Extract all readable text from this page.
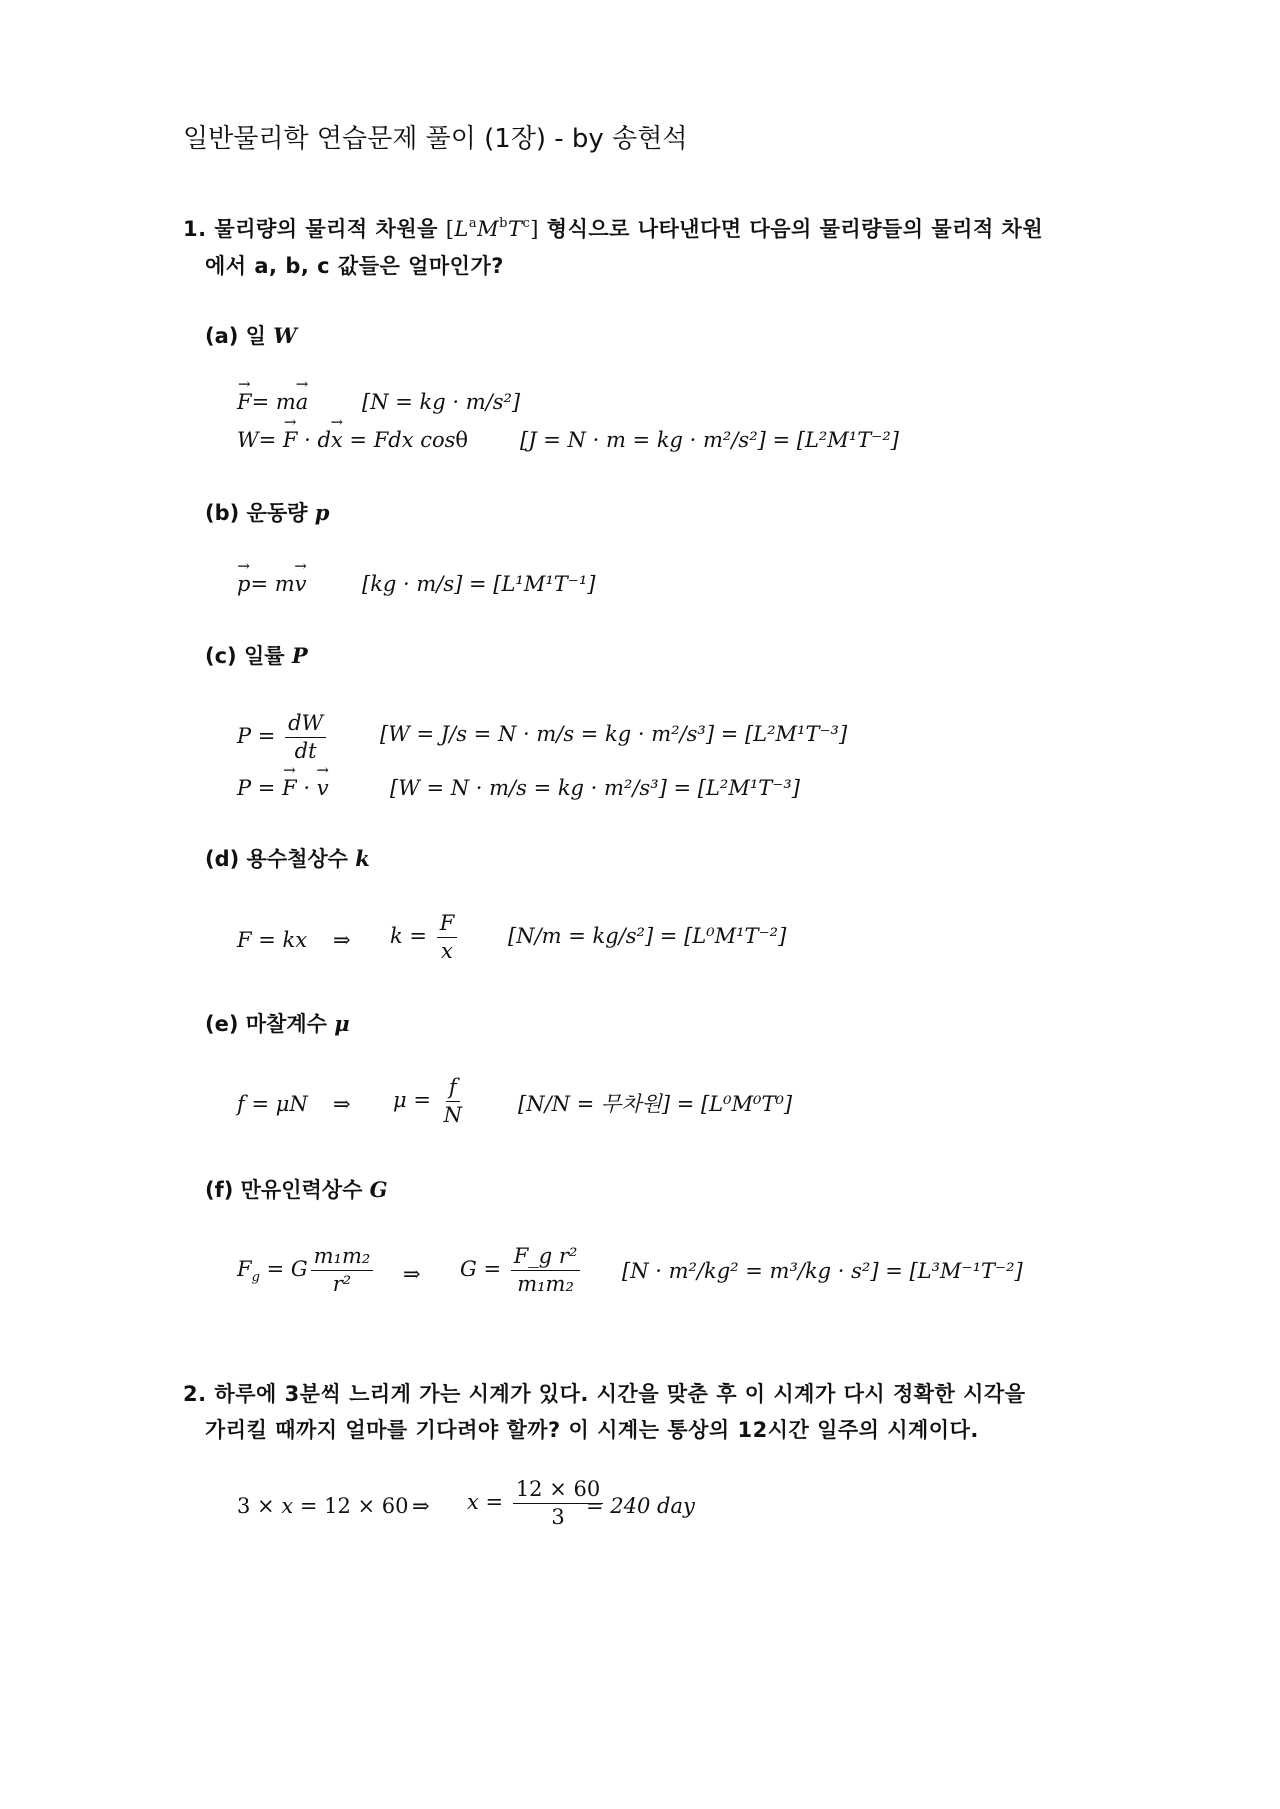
일반물리학 연습문제 풀이 (1장) - by 송현석
1. 물리량의 물리적 차원을 $[L^aM^bT^c]$ 형식으로 나타낸다면 다음의 물리량들의 물리적 차원
에서 a, b, c 값들은 얼마인가?
(a) 일 W
→ F= m→ a	[N = kg · m/s²]
W= → F · d→ x = Fdx cosθ [J = N · m = kg · m²/s²] = [L²M¹T⁻²]
(b) 운동량 p
→ p= m→ v	[kg · m/s] = [L¹M¹T⁻¹]
(c) 일률 P
$P = \frac{dW}{dt}$	[W = J/s = N · m/s = kg · m²/s³] = [L²M¹T⁻³]
P = → F · → v	[W = N · m/s = kg · m²/s³] = [L²M¹T⁻³]
(d) 용수철상수 k
F = kx ⇒ $k = \frac{F}{x} [N/m = kg/s^2] = [L^0M^1T^{-2}]$
(e) 마찰계수 μ
f = μN ⇒ $\mu = \frac{f}{N}$	[N/N = 무차원] = [L⁰M⁰T⁰]
(f) 만유인력상수 G
$F_g = G \frac{\text{m₁m₂}}{\text{r²}}$ ⇒ $G = \frac{\text{F\_g r²}}{\text{m₁m₂}} [N \cdot m^2/kg^2 = m^3/kg \cdot s^2] = [L^3M^{-1}T^{-2}]$
2. 하루에 3분씩 느리게 가는 시계가 있다. 시간을 맞춘 후 이 시계가 다시 정확한 시각을
가리킬 때까지 얼마를 기다려야 할까? 이 시계는 통상의 12시간 일주의 시계이다.
3 × x = 12 × 60 ⇒ $x = \frac{12 \times 60}{3}$
= 240 day
